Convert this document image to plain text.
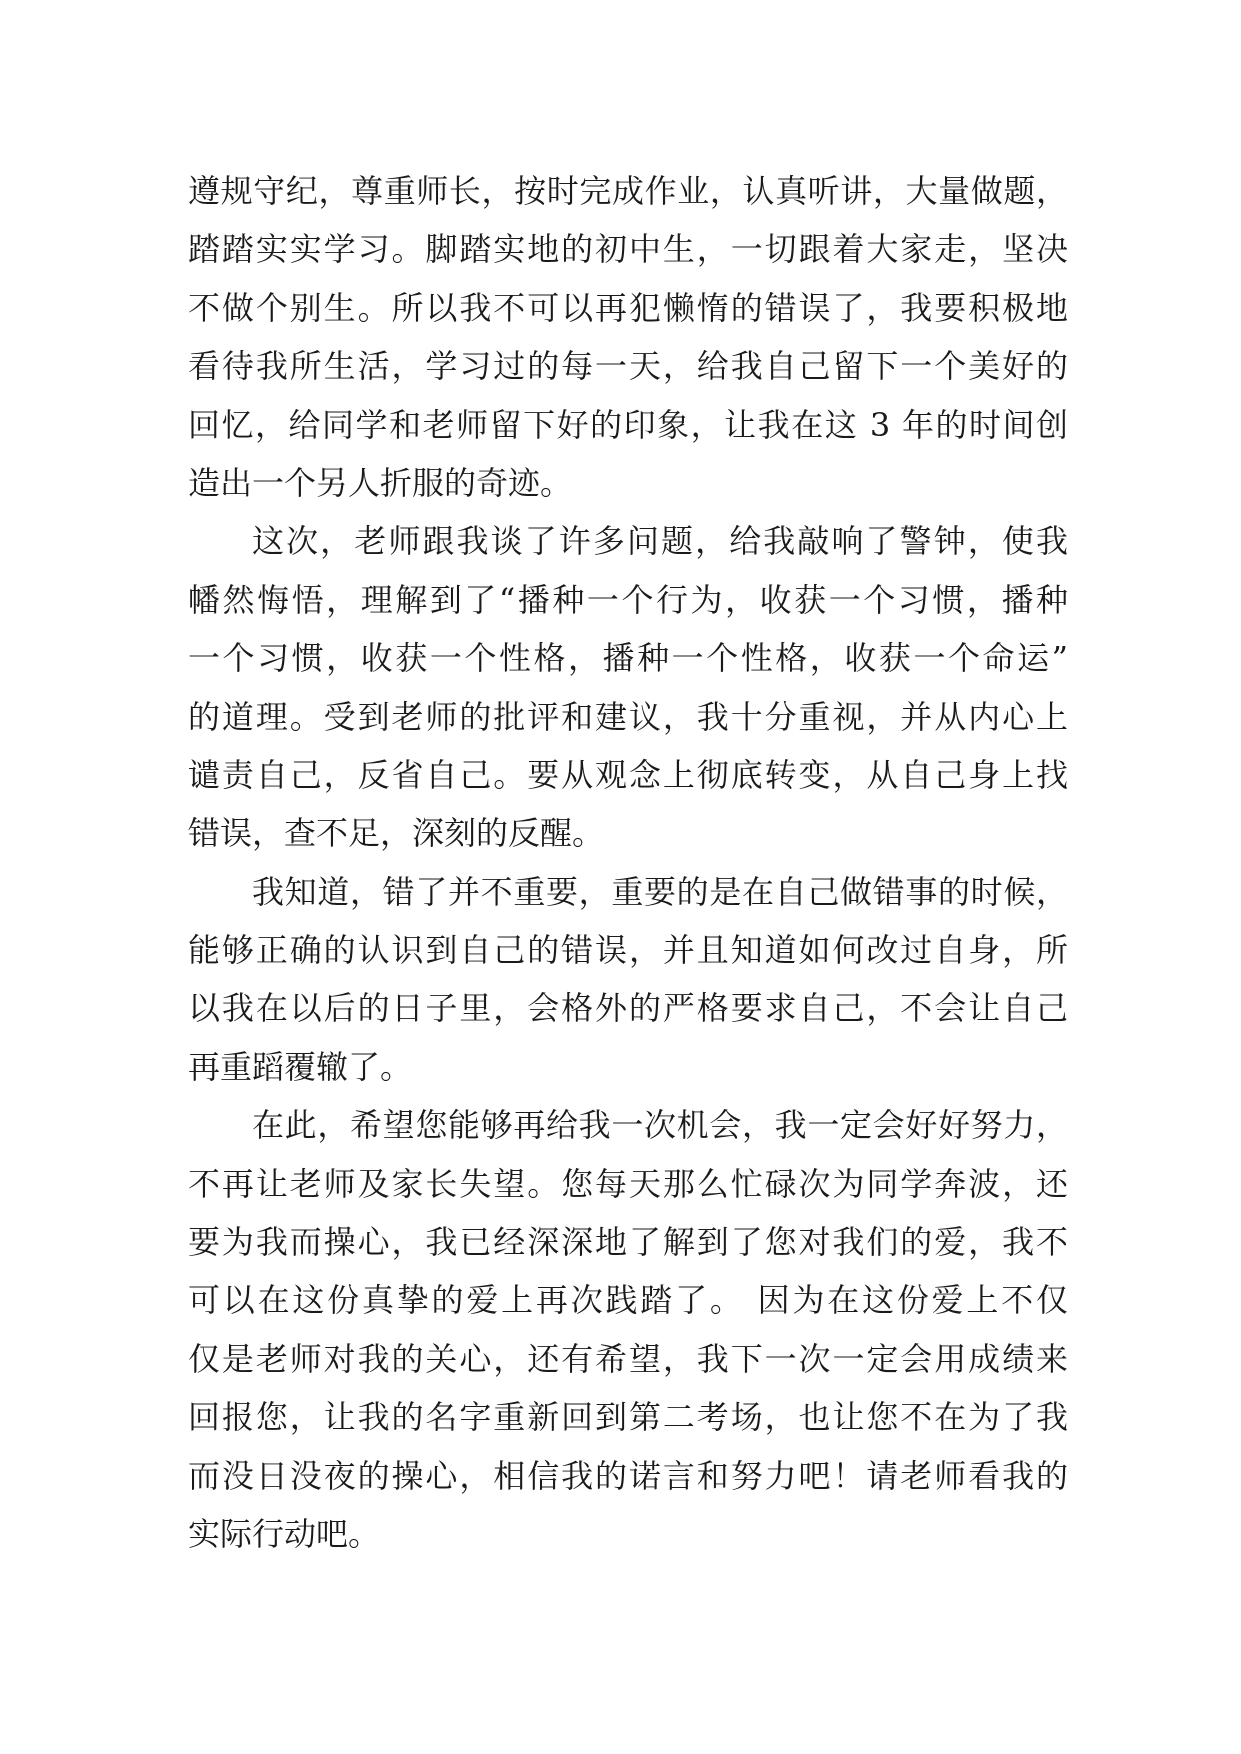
遵规守纪，尊重师长，按时完成作业，认真听讲，大量做题，
踏踏实实学习。脚踏实地的初中生，一切跟着大家走，坚决
不做个别生。所以我不可以再犯懒惰的错误了，我要积极地
看待我所生活，学习过的每一天，给我自己留下一个美好的
回忆，给同学和老师留下好的印象，让我在这 3 年的时间创
造出一个另人折服的奇迹。
这次，老师跟我谈了许多问题，给我敲响了警钟，使我
幡然悔悟，理解到了“播种一个行为，收获一个习惯，播种
一个习惯，收获一个性格，播种一个性格，收获一个命运”
的道理。受到老师的批评和建议，我十分重视，并从内心上
谴责自己，反省自己。要从观念上彻底转变，从自己身上找
错误，查不足，深刻的反醒。
我知道，错了并不重要，重要的是在自己做错事的时候，
能够正确的认识到自己的错误，并且知道如何改过自身，所
以我在以后的日子里，会格外的严格要求自己，不会让自己
再重蹈覆辙了。
在此，希望您能够再给我一次机会，我一定会好好努力，
不再让老师及家长失望。您每天那么忙碌次为同学奔波，还
要为我而操心，我已经深深地了解到了您对我们的爱，我不
可以在这份真挚的爱上再次践踏了。 因为在这份爱上不仅
仅是老师对我的关心，还有希望，我下一次一定会用成绩来
回报您，让我的名字重新回到第二考场，也让您不在为了我
而没日没夜的操心，相信我的诺言和努力吧！请老师看我的
实际行动吧。
